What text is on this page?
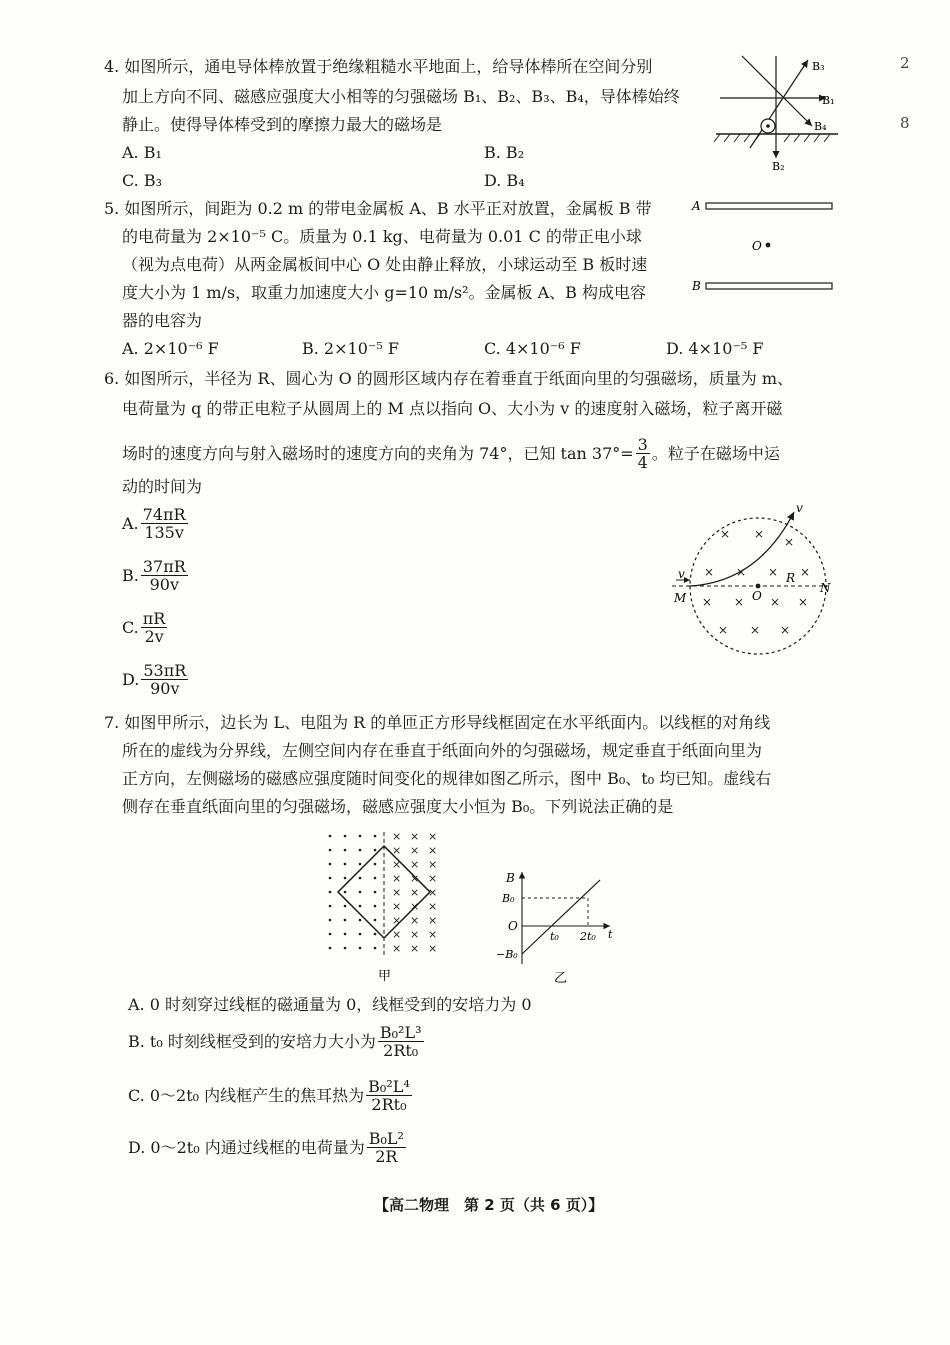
4. 如图所示，通电导体棒放置于绝缘粗糙水平地面上，给导体棒所在空间分别
加上方向不同、磁感应强度大小相等的匀强磁场 B₁、B₂、B₃、B₄，导体棒始终
静止。使得导体棒受到的摩擦力最大的磁场是
A. B₁	B. B₂
C. B₃	D. B₄
B₃
B₁
B₄
B₂
2
8
5. 如图所示，间距为 0.2 m 的带电金属板 A、B 水平正对放置，金属板 B 带
的电荷量为 2×10⁻⁵ C。质量为 0.1 kg、电荷量为 0.01 C 的带正电小球
（视为点电荷）从两金属板间中心 O 处由静止释放，小球运动至 B 板时速
度大小为 1 m/s，取重力加速度大小 g=10 m/s²。金属板 A、B 构成电容
器的电容为
A. 2×10⁻⁶ F	B. 2×10⁻⁵ F	C. 4×10⁻⁶ F	D. 4×10⁻⁵ F
A
O
B
6. 如图所示，半径为 R、圆心为 O 的圆形区域内存在着垂直于纸面向里的匀强磁场，质量为 m、
电荷量为 q 的带正电粒子从圆周上的 M 点以指向 O、大小为 v 的速度射入磁场，粒子离开磁
场时的速度方向与射入磁场时的速度方向的夹角为 74°，已知 $\tan 37^\circ= \frac{3}{4}$ 。粒子在磁场中运
动的时间为
A. $\frac{74\pi R}{135v}$
B. $\frac{37\pi R}{90v}$
C. $\frac{\pi R}{2v}$
D. $\frac{53\pi R}{90v}$
× ×
×
× × × ×
× × × ×
× × ×
v
v
M	O
R
N
7. 如图甲所示，边长为 L、电阻为 R 的单匝正方形导线框固定在水平纸面内。以线框的对角线
所在的虚线为分界线，左侧空间内存在垂直于纸面向外的匀强磁场，规定垂直于纸面向里为
正方向，左侧磁场的磁感应强度随时间变化的规律如图乙所示，图中 B₀、t₀ 均已知。虚线右
侧存在垂直纸面向里的匀强磁场，磁感应强度大小恒为 B₀。下列说法正确的是
× × ×
× × ×
× × ×
× × ×
× × ×
× × ×
× × ×
× × ×
× × ×
甲
B
B₀
O
−B₀
t₀ 2t₀ t
乙
A. 0 时刻穿过线框的磁通量为 0，线框受到的安培力为 0
B. t₀ 时刻线框受到的安培力大小为 $\frac{\text{B₀²L³}}{\text{2Rt₀}}$
C. 0～2t₀ 内线框产生的焦耳热为 $\frac{\text{B₀²L⁴}}{\text{2Rt₀}}$
D. 0～2t₀ 内通过线框的电荷量为 $\frac{\text{B₀L²}}{2R}$
【高二物理　第 2 页（共 6 页）】
